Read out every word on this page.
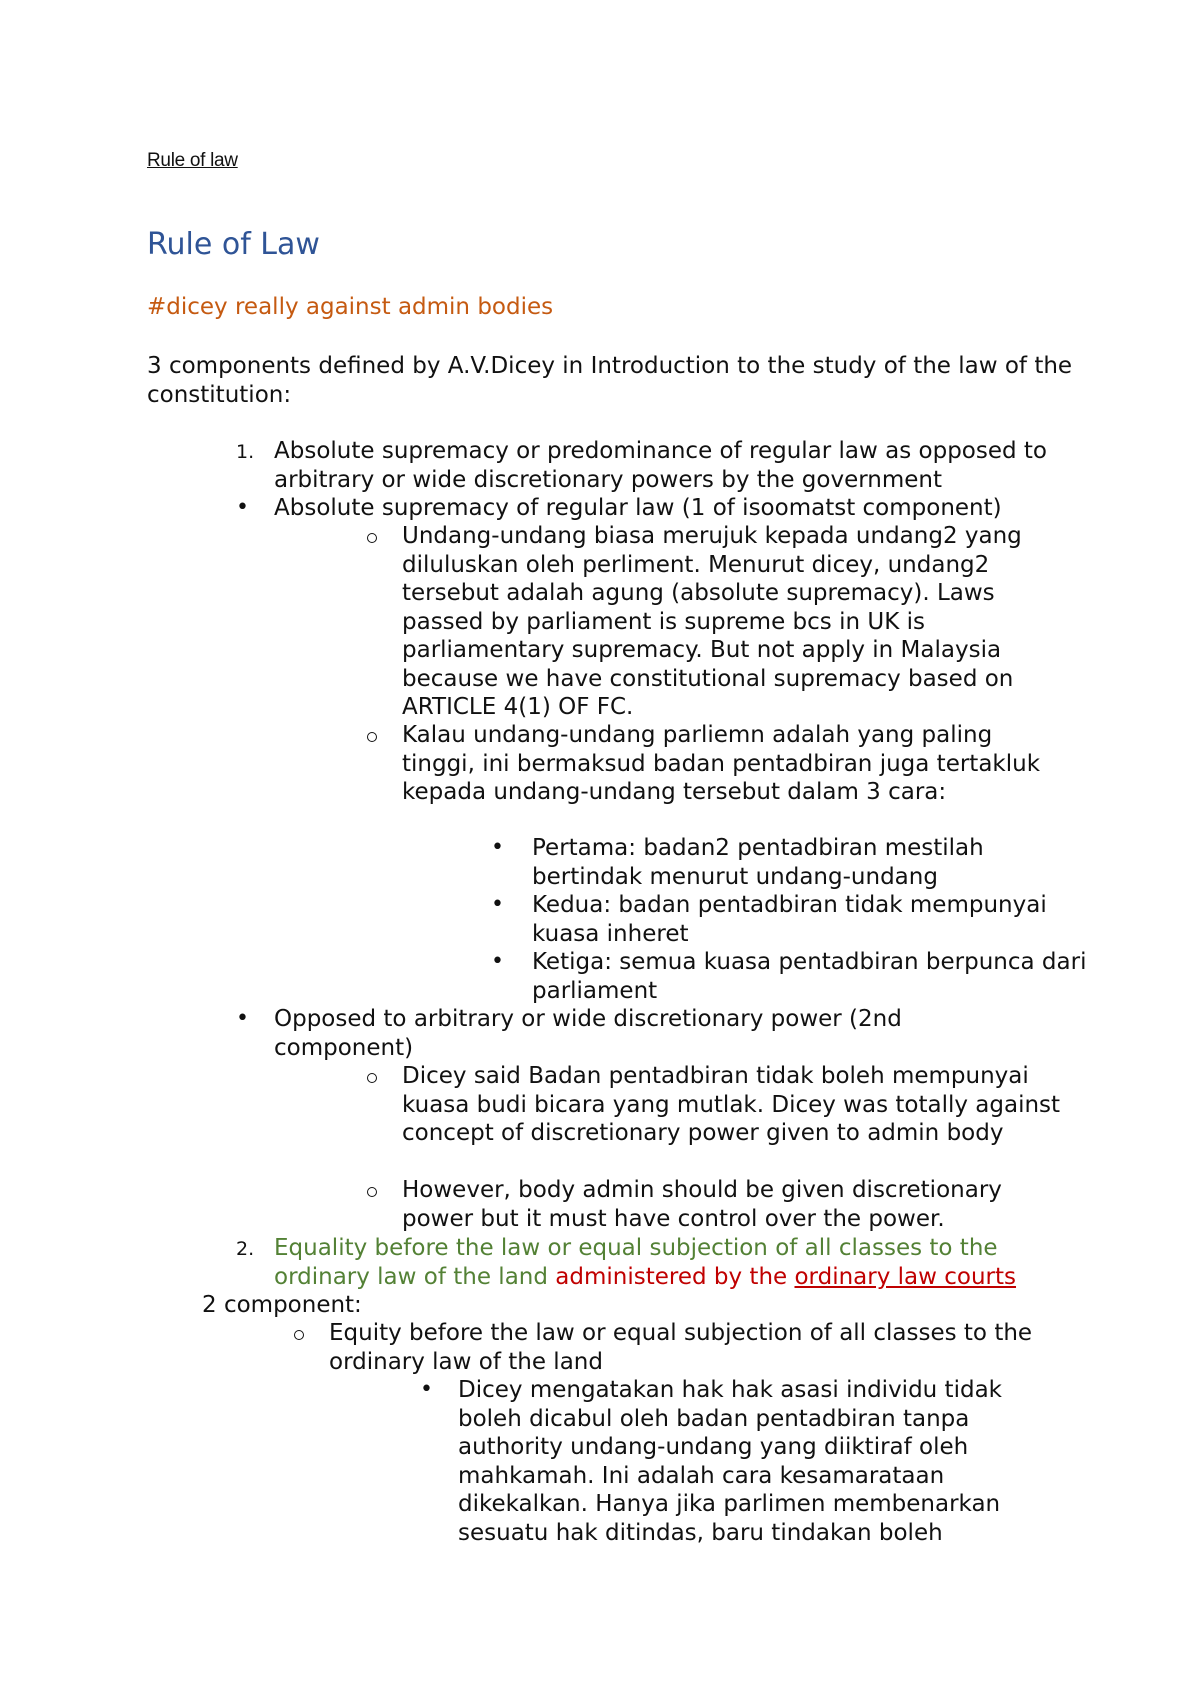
Rule of law
Rule of Law
#dicey really against admin bodies
3 components defined by A.V.Dicey in Introduction to the study of the law of the constitution:
1. Absolute supremacy or predominance of regular law as opposed to arbitrary or wide discretionary powers by the government
• Absolute supremacy of regular law (1 of isoomatst component)
Undang-undang biasa merujuk kepada undang2 yang diluluskan oleh perliment. Menurut dicey, undang2 tersebut adalah agung (absolute supremacy). Laws passed by parliament is supreme bcs in UK is parliamentary supremacy. But not apply in Malaysia because we have constitutional supremacy based on ARTICLE 4(1) OF FC.
Kalau undang-undang parliemn adalah yang paling tinggi, ini bermaksud badan pentadbiran juga tertakluk kepada undang-undang tersebut dalam 3 cara:
• Pertama: badan2 pentadbiran mestilah bertindak menurut undang-undang
• Kedua: badan pentadbiran tidak mempunyai kuasa inheret
• Ketiga: semua kuasa pentadbiran berpunca dari parliament
• Opposed to arbitrary or wide discretionary power (2nd component)
Dicey said Badan pentadbiran tidak boleh mempunyai kuasa budi bicara yang mutlak. Dicey was totally against concept of discretionary power given to admin body
However, body admin should be given discretionary power but it must have control over the power.
2. Equality before the law or equal subjection of all classes to the ordinary law of the land administered by the ordinary law courts
2 component:
Equity before the law or equal subjection of all classes to the ordinary law of the land
• Dicey mengatakan hak hak asasi individu tidak boleh dicabul oleh badan pentadbiran tanpa authority undang-undang yang diiktiraf oleh mahkamah. Ini adalah cara kesamarataan dikekalkan. Hanya jika parlimen membenarkan sesuatu hak ditindas, baru tindakan boleh
